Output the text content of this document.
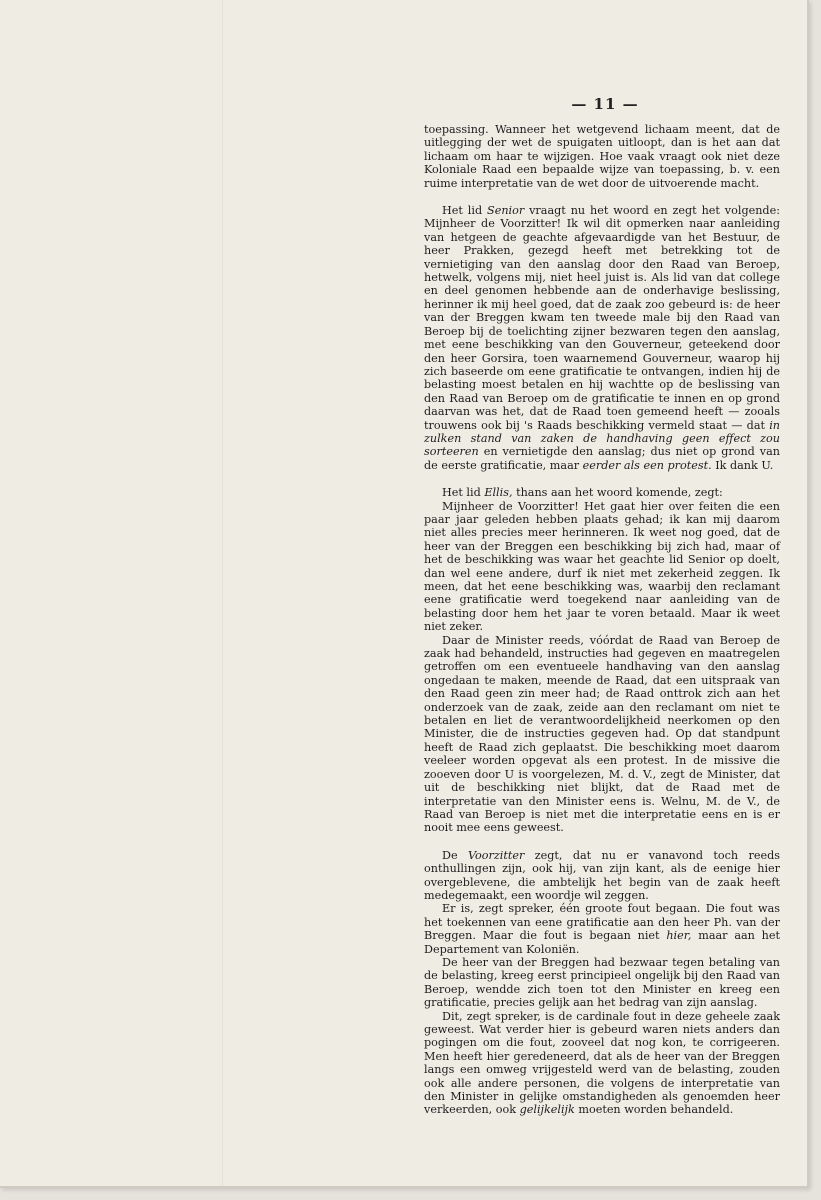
— 11 —

toepassing. Wanneer het wetgevend lichaam meent, dat de uitlegging der wet de spuigaten uitloopt, dan is het aan dat lichaam om haar te wijzigen. Hoe vaak vraagt ook niet deze Koloniale Raad een bepaalde wijze van toepassing, b. v. een ruime interpretatie van de wet door de uitvoerende macht.

Het lid Senior vraagt nu het woord en zegt het volgende: Mijnheer de Voorzitter! Ik wil dit opmerken naar aanleiding van hetgeen de geachte afgevaardigde van het Bestuur, de heer Prakken, gezegd heeft met betrekking tot de vernietiging van den aanslag door den Raad van Beroep, hetwelk, volgens mij, niet heel juist is. Als lid van dat college en deel genomen hebbende aan de onderhavige beslissing, herinner ik mij heel goed, dat de zaak zoo gebeurd is: de heer van der Breggen kwam ten tweede male bij den Raad van Beroep bij de toelichting zijner bezwaren tegen den aanslag, met eene beschikking van den Gouverneur, geteekend door den heer Gorsira, toen waarnemend Gouverneur, waarop hij zich baseerde om eene gratificatie te ontvangen, indien hij de belasting moest betalen en hij wachtte op de beslissing van den Raad van Beroep om de gratificatie te innen en op grond daarvan was het, dat de Raad toen gemeend heeft — zooals trouwens ook bij 's Raads beschikking vermeld staat — dat in zulken stand van zaken de handhaving geen effect zou sorteeren en vernietigde den aanslag; dus niet op grond van de eerste gratificatie, maar eerder als een protest. Ik dank U.

Het lid Ellis, thans aan het woord komende, zegt:

Mijnheer de Voorzitter! Het gaat hier over feiten die een paar jaar geleden hebben plaats gehad; ik kan mij daarom niet alles precies meer herinneren. Ik weet nog goed, dat de heer van der Breggen een beschikking bij zich had, maar of het de beschikking was waar het geachte lid Senior op doelt, dan wel eene andere, durf ik niet met zekerheid zeggen. Ik meen, dat het eene beschikking was, waarbij den reclamant eene gratificatie werd toegekend naar aanleiding van de belasting door hem het jaar te voren betaald. Maar ik weet niet zeker.

Daar de Minister reeds, vóórdat de Raad van Beroep de zaak had behandeld, instructies had gegeven en maatregelen getroffen om een eventueele handhaving van den aanslag ongedaan te maken, meende de Raad, dat een uitspraak van den Raad geen zin meer had; de Raad onttrok zich aan het onderzoek van de zaak, zeide aan den reclamant om niet te betalen en liet de verantwoordelijkheid neerkomen op den Minister, die de instructies gegeven had. Op dat standpunt heeft de Raad zich geplaatst. Die beschikking moet daarom veeleer worden opgevat als een protest. In de missive die zooeven door U is voorgelezen, M. d. V., zegt de Minister, dat uit de beschikking niet blijkt, dat de Raad met de interpretatie van den Minister eens is. Welnu, M. de V., de Raad van Beroep is niet met die interpretatie eens en is er nooit mee eens geweest.

De Voorzitter zegt, dat nu er vanavond toch reeds onthullingen zijn, ook hij, van zijn kant, als de eenige hier overgeblevene, die ambtelijk het begin van de zaak heeft medegemaakt, een woordje wil zeggen.

Er is, zegt spreker, één groote fout begaan. Die fout was het toekennen van eene gratificatie aan den heer Ph. van der Breggen. Maar die fout is begaan niet hier, maar aan het Departement van Koloniën.

De heer van der Breggen had bezwaar tegen betaling van de belasting, kreeg eerst principieel ongelijk bij den Raad van Beroep, wendde zich toen tot den Minister en kreeg een gratificatie, precies gelijk aan het bedrag van zijn aanslag.

Dit, zegt spreker, is de cardinale fout in deze geheele zaak geweest. Wat verder hier is gebeurd waren niets anders dan pogingen om die fout, zooveel dat nog kon, te corrigeeren. Men heeft hier geredeneerd, dat als de heer van der Breggen langs een omweg vrijgesteld werd van de belasting, zouden ook alle andere personen, die volgens de interpretatie van den Minister in gelijke omstandigheden als genoemden heer verkeerden, ook gelijkelijk moeten worden behandeld.
